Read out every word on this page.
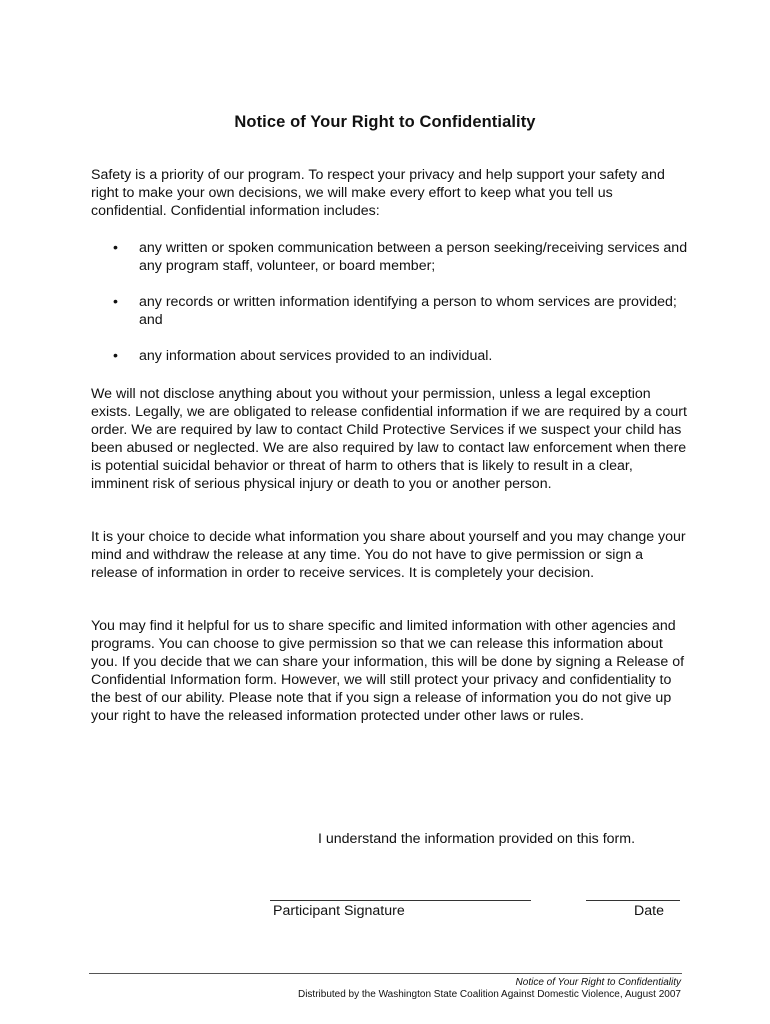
Notice of Your Right to Confidentiality

Safety is a priority of our program. To respect your privacy and help support your safety and right to make your own decisions, we will make every effort to keep what you tell us confidential. Confidential information includes:

• any written or spoken communication between a person seeking/receiving services and any program staff, volunteer, or board member;
• any records or written information identifying a person to whom services are provided; and
• any information about services provided to an individual.

We will not disclose anything about you without your permission, unless a legal exception exists. Legally, we are obligated to release confidential information if we are required by a court order. We are required by law to contact Child Protective Services if we suspect your child has been abused or neglected. We are also required by law to contact law enforcement when there is potential suicidal behavior or threat of harm to others that is likely to result in a clear, imminent risk of serious physical injury or death to you or another person.

It is your choice to decide what information you share about yourself and you may change your mind and withdraw the release at any time. You do not have to give permission or sign a release of information in order to receive services. It is completely your decision.

You may find it helpful for us to share specific and limited information with other agencies and programs. You can choose to give permission so that we can release this information about you. If you decide that we can share your information, this will be done by signing a Release of Confidential Information form. However, we will still protect your privacy and confidentiality to the best of our ability. Please note that if you sign a release of information you do not give up your right to have the released information protected under other laws or rules.

I understand the information provided on this form.
Participant Signature	Date
Notice of Your Right to Confidentiality
Distributed by the Washington State Coalition Against Domestic Violence, August 2007
